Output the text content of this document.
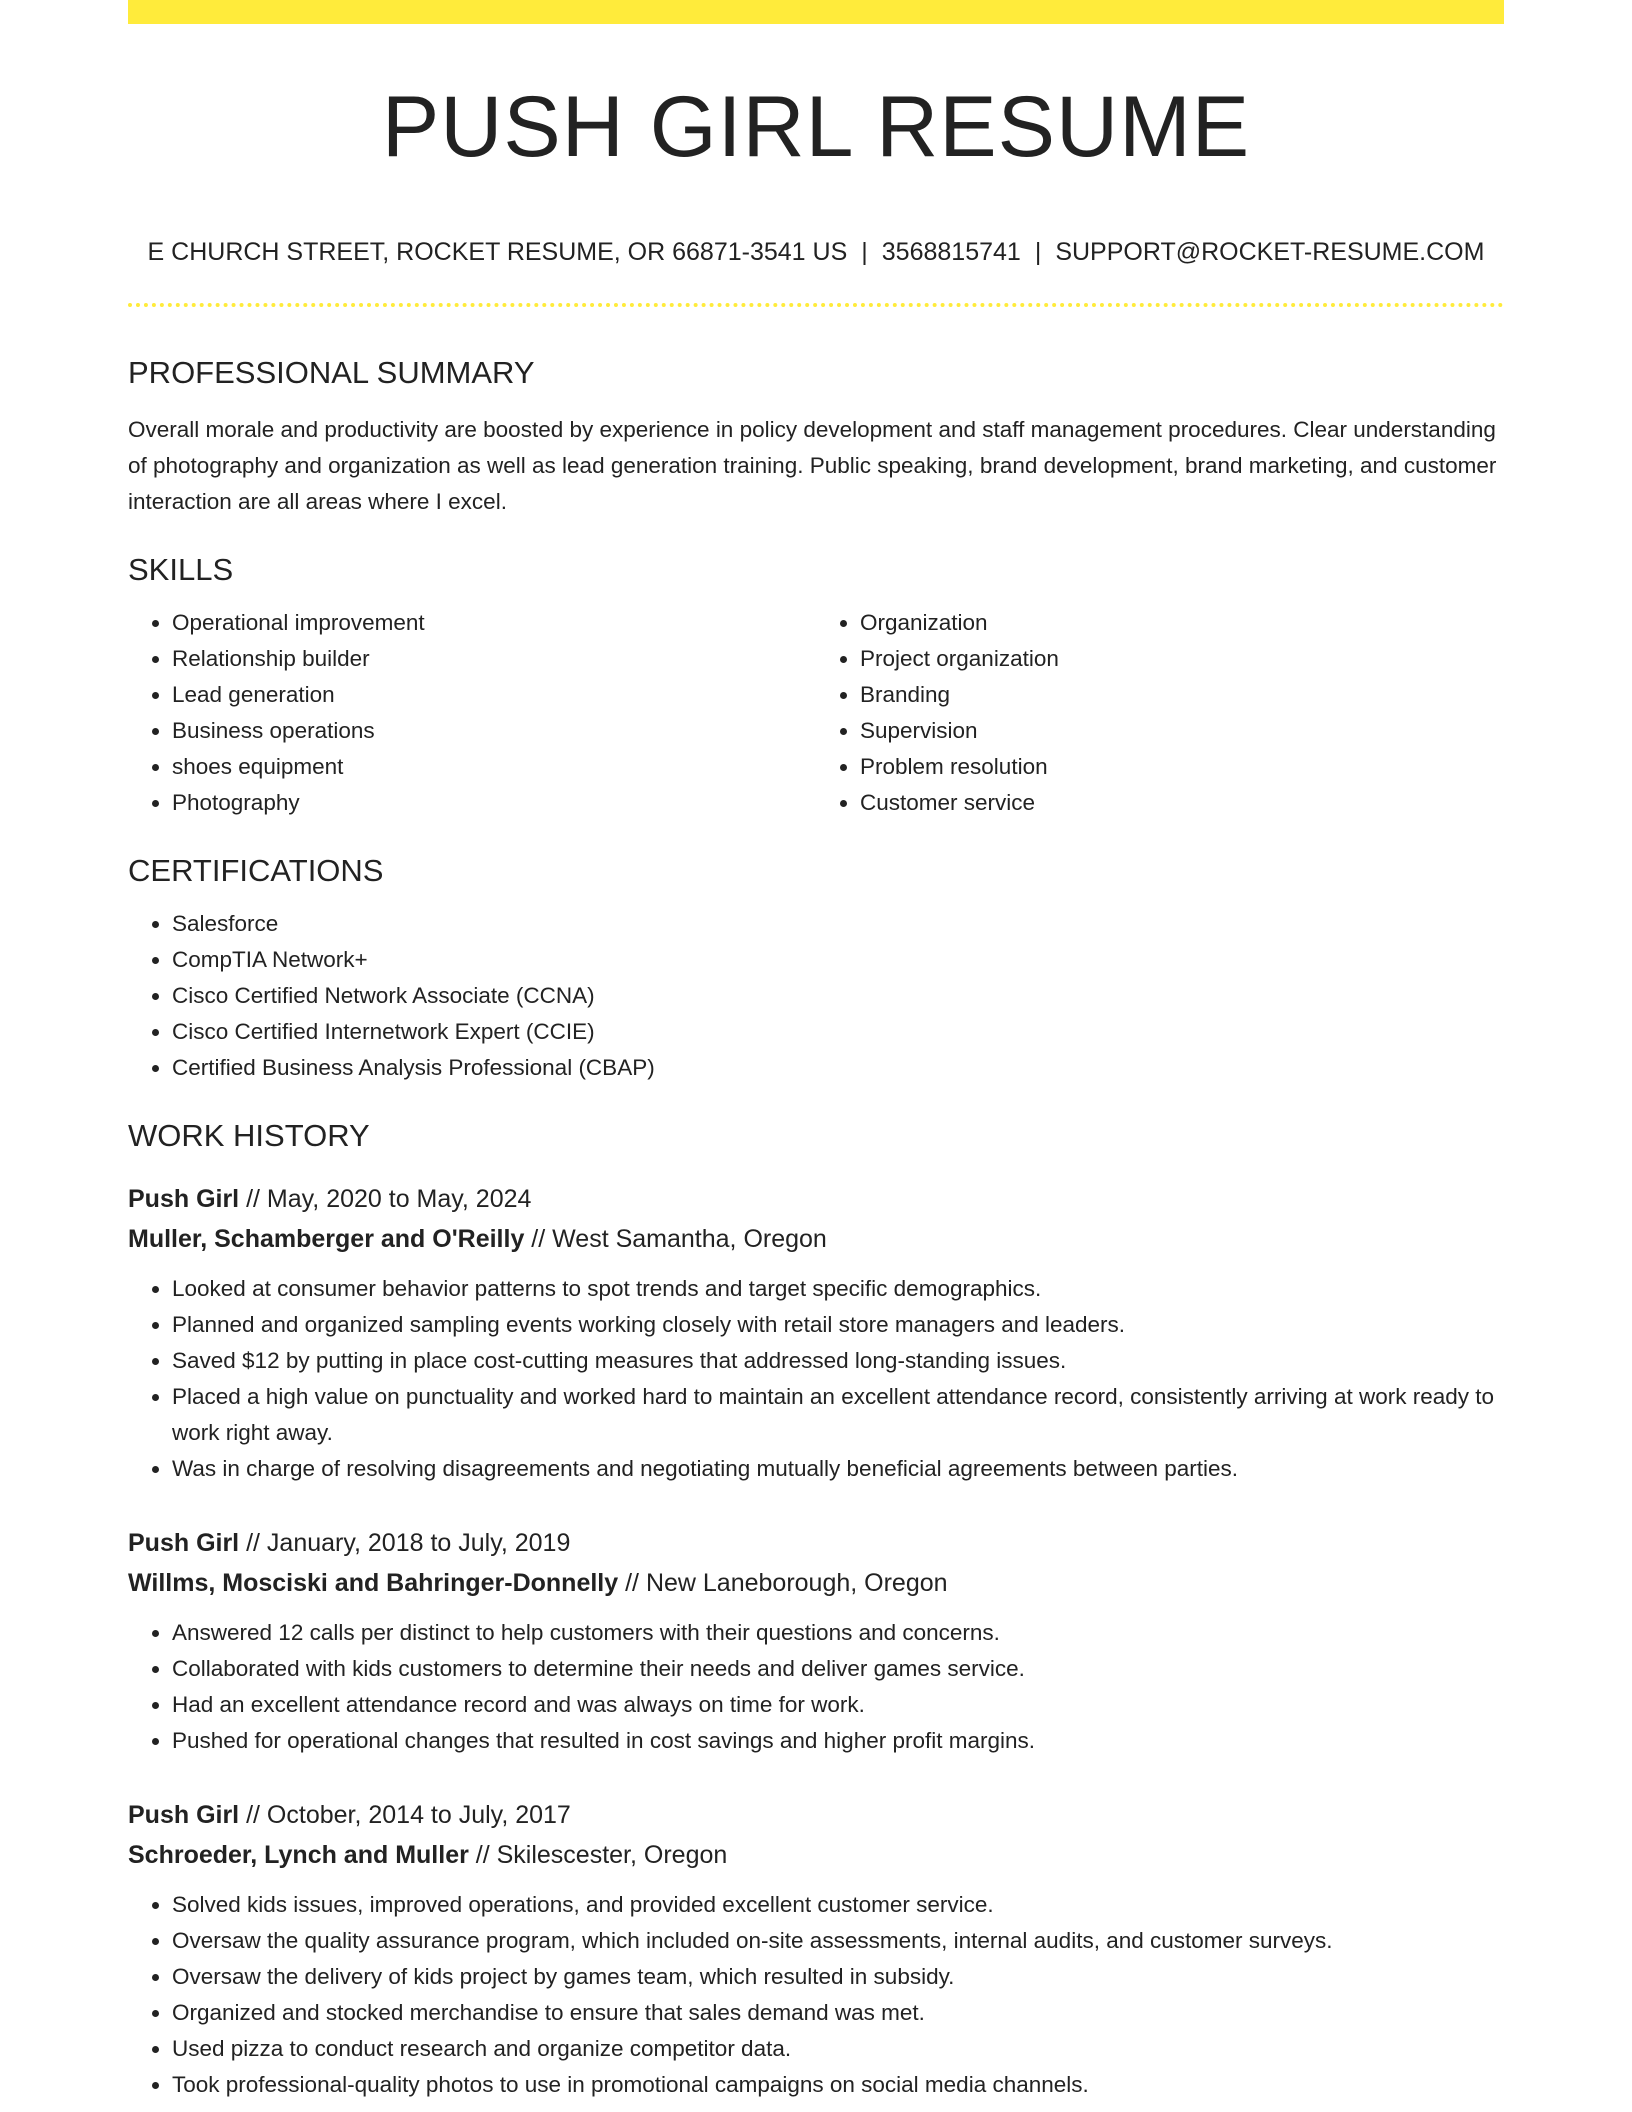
PUSH GIRL RESUME
E CHURCH STREET, ROCKET RESUME, OR 66871-3541 US | 3568815741 | SUPPORT@ROCKET-RESUME.COM
PROFESSIONAL SUMMARY

Overall morale and productivity are boosted by experience in policy development and staff management procedures. Clear understanding of photography and organization as well as lead generation training. Public speaking, brand development, brand marketing, and customer interaction are all areas where I excel.

SKILLS
• Operational improvement
• Relationship builder
• Lead generation
• Business operations
• shoes equipment
• Photography
• Organization
• Project organization
• Branding
• Supervision
• Problem resolution
• Customer service
CERTIFICATIONS
• Salesforce
• CompTIA Network+
• Cisco Certified Network Associate (CCNA)
• Cisco Certified Internetwork Expert (CCIE)
• Certified Business Analysis Professional (CBAP)
WORK HISTORY
Push Girl // May, 2020 to May, 2024
Muller, Schamberger and O'Reilly // West Samantha, Oregon
• Looked at consumer behavior patterns to spot trends and target specific demographics.
• Planned and organized sampling events working closely with retail store managers and leaders.
• Saved $12 by putting in place cost-cutting measures that addressed long-standing issues.
• Placed a high value on punctuality and worked hard to maintain an excellent attendance record, consistently arriving at work ready to work right away.
• Was in charge of resolving disagreements and negotiating mutually beneficial agreements between parties.
Push Girl // January, 2018 to July, 2019
Willms, Mosciski and Bahringer-Donnelly // New Laneborough, Oregon
• Answered 12 calls per distinct to help customers with their questions and concerns.
• Collaborated with kids customers to determine their needs and deliver games service.
• Had an excellent attendance record and was always on time for work.
• Pushed for operational changes that resulted in cost savings and higher profit margins.
Push Girl // October, 2014 to July, 2017
Schroeder, Lynch and Muller // Skilescester, Oregon
• Solved kids issues, improved operations, and provided excellent customer service.
• Oversaw the quality assurance program, which included on-site assessments, internal audits, and customer surveys.
• Oversaw the delivery of kids project by games team, which resulted in subsidy.
• Organized and stocked merchandise to ensure that sales demand was met.
• Used pizza to conduct research and organize competitor data.
• Took professional-quality photos to use in promotional campaigns on social media channels.
